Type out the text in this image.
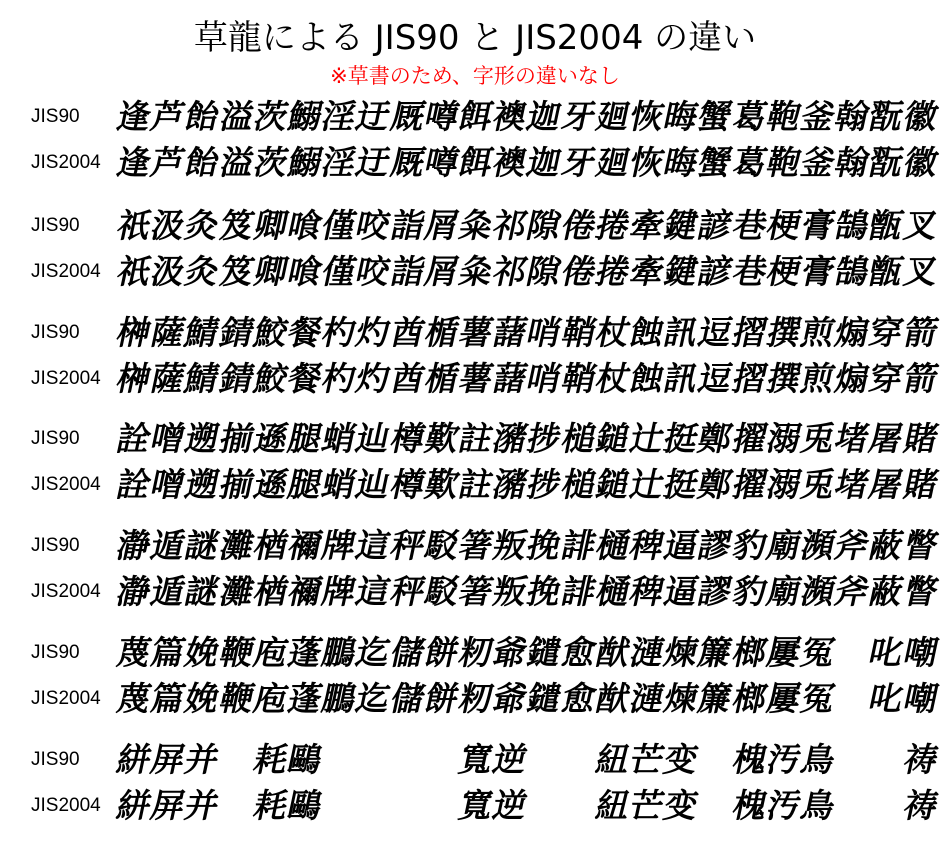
草龍による JIS90 と JIS2004 の違い
※草書のため、字形の違いなし
JIS90 逢
芦
飴
溢
茨
鰯
淫
迂
厩
噂
餌
襖
迦
牙
廻
恢
晦
蟹
葛
鞄
釜
翰
翫
徽
JIS2004 逢
芦
飴
溢
茨
鰯
淫
迂
厩
噂
餌
襖
迦
牙
廻
恢
晦
蟹
葛
鞄
釜
翰
翫
徽
JIS90 祇
汲
灸
笈
卿
喰
僅
咬
詣
屑
粂
祁
隙
倦
捲
牽
鍵
諺
巷
梗
膏
鵠
甑
叉
JIS2004 祇
汲
灸
笈
卿
喰
僅
咬
詣
屑
粂
祁
隙
倦
捲
牽
鍵
諺
巷
梗
膏
鵠
甑
叉
JIS90 榊
薩
鯖
錆
鮫
餐
杓
灼
酋
楯
薯
藷
哨
鞘
杖
蝕
訊
逗
摺
撰
煎
煽
穿
箭
JIS2004 榊
薩
鯖
錆
鮫
餐
杓
灼
酋
楯
薯
藷
哨
鞘
杖
蝕
訊
逗
摺
撰
煎
煽
穿
箭
JIS90 詮
噌
遡
揃
遜
腿
蛸
辿
樽
歎
註
瀦
捗
槌
鎚
辻
挺
鄭
擢
溺
兎
堵
屠
賭
JIS2004 詮
噌
遡
揃
遜
腿
蛸
辿
樽
歎
註
瀦
捗
槌
鎚
辻
挺
鄭
擢
溺
兎
堵
屠
賭
JIS90 瀞
遁
謎
灘
楢
禰
牌
這
秤
駁
箸
叛
挽
誹
樋
稗
逼
謬
豹
廟
瀕
斧
蔽
瞥
JIS2004 瀞
遁
謎
灘
楢
禰
牌
這
秤
駁
箸
叛
挽
誹
樋
稗
逼
謬
豹
廟
瀕
斧
蔽
瞥
JIS90 蔑
篇
娩
鞭
庖
蓬
鵬
迄
儲
餅
籾
爺
鑓
愈
猷
漣
煉
簾
榔
屢
冤 叱
嘲
JIS2004 蔑
篇
娩
鞭
庖
蓬
鵬
迄
儲
餅
籾
爺
鑓
愈
猷
漣
煉
簾
榔
屢
冤 叱
嘲
JIS90 絣
屏
并 耗
鷗	寬
逆 紐
芒
变 槐
汚
鳥 祷
JIS2004 絣
屏
并 耗
鷗	寬
逆 紐
芒
变 槐
汚
鳥 祷
